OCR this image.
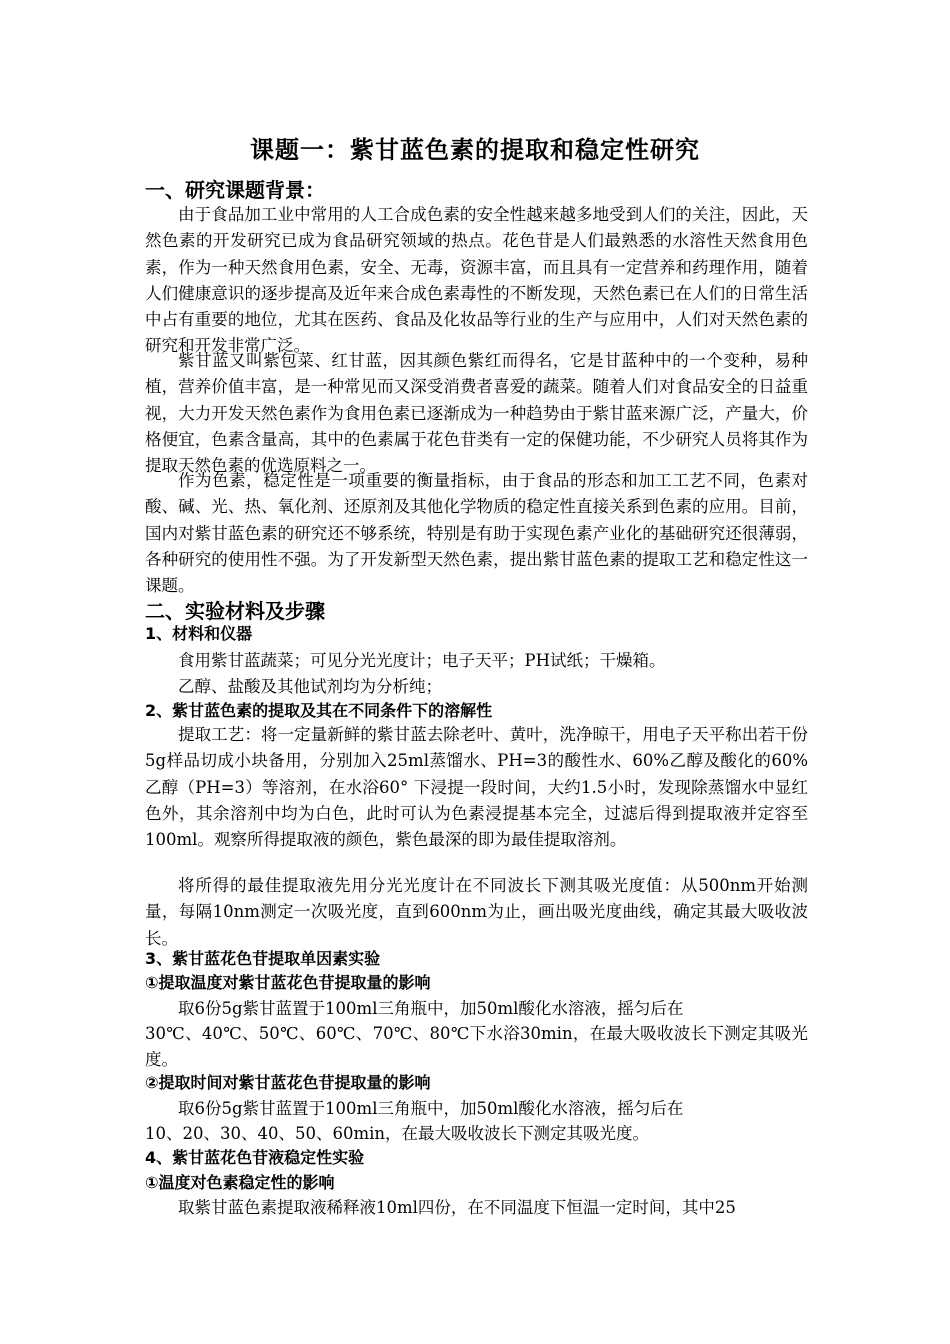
课题一：紫甘蓝色素的提取和稳定性研究
一、研究课题背景：

由于食品加工业中常用的人工合成色素的安全性越来越多地受到人们的关注，因此，天然色素的开发研究已成为食品研究领域的热点。花色苷是人们最熟悉的水溶性天然食用色素，作为一种天然食用色素，安全、无毒，资源丰富，而且具有一定营养和药理作用，随着人们健康意识的逐步提高及近年来合成色素毒性的不断发现，天然色素已在人们的日常生活中占有重要的地位，尤其在医药、食品及化妆品等行业的生产与应用中，人们对天然色素的研究和开发非常广泛。

紫甘蓝又叫紫包菜、红甘蓝，因其颜色紫红而得名，它是甘蓝种中的一个变种，易种植，营养价值丰富，是一种常见而又深受消费者喜爱的蔬菜。随着人们对食品安全的日益重视，大力开发天然色素作为食用色素已逐渐成为一种趋势由于紫甘蓝来源广泛，产量大，价格便宜，色素含量高，其中的色素属于花色苷类有一定的保健功能，不少研究人员将其作为提取天然色素的优选原料之一。

作为色素，稳定性是一项重要的衡量指标，由于食品的形态和加工工艺不同，色素对酸、碱、光、热、氧化剂、还原剂及其他化学物质的稳定性直接关系到色素的应用。目前，国内对紫甘蓝色素的研究还不够系统，特别是有助于实现色素产业化的基础研究还很薄弱，各种研究的使用性不强。为了开发新型天然色素，提出紫甘蓝色素的提取工艺和稳定性这一课题。

二、实验材料及步骤
1、材料和仪器

食用紫甘蓝蔬菜；可见分光光度计；电子天平；PH试纸；干燥箱。

乙醇、盐酸及其他试剂均为分析纯；

2、紫甘蓝色素的提取及其在不同条件下的溶解性

提取工艺：将一定量新鲜的紫甘蓝去除老叶、黄叶，洗净晾干，用电子天平称出若干份5g样品切成小块备用，分别加入25ml蒸馏水、PH=3的酸性水、60%乙醇及酸化的60%乙醇（PH=3）等溶剂，在水浴60° 下浸提一段时间，大约1.5小时，发现除蒸馏水中显红色外，其余溶剂中均为白色，此时可认为色素浸提基本完全，过滤后得到提取液并定容至100ml。观察所得提取液的颜色，紫色最深的即为最佳提取溶剂。

将所得的最佳提取液先用分光光度计在不同波长下测其吸光度值：从500nm开始测量，每隔10nm测定一次吸光度，直到600nm为止，画出吸光度曲线，确定其最大吸收波长。

3、紫甘蓝花色苷提取单因素实验
①提取温度对紫甘蓝花色苷提取量的影响

取6份5g紫甘蓝置于100ml三角瓶中，加50ml酸化水溶液，摇匀后在

30℃、40℃、50℃、60℃、70℃、80℃下水浴30min，在最大吸收波长下测定其吸光度。

②提取时间对紫甘蓝花色苷提取量的影响

取6份5g紫甘蓝置于100ml三角瓶中，加50ml酸化水溶液，摇匀后在

10、20、30、40、50、60min，在最大吸收波长下测定其吸光度。

4、紫甘蓝花色苷液稳定性实验
①温度对色素稳定性的影响

取紫甘蓝色素提取液稀释液10ml四份，在不同温度下恒温一定时间，其中25
